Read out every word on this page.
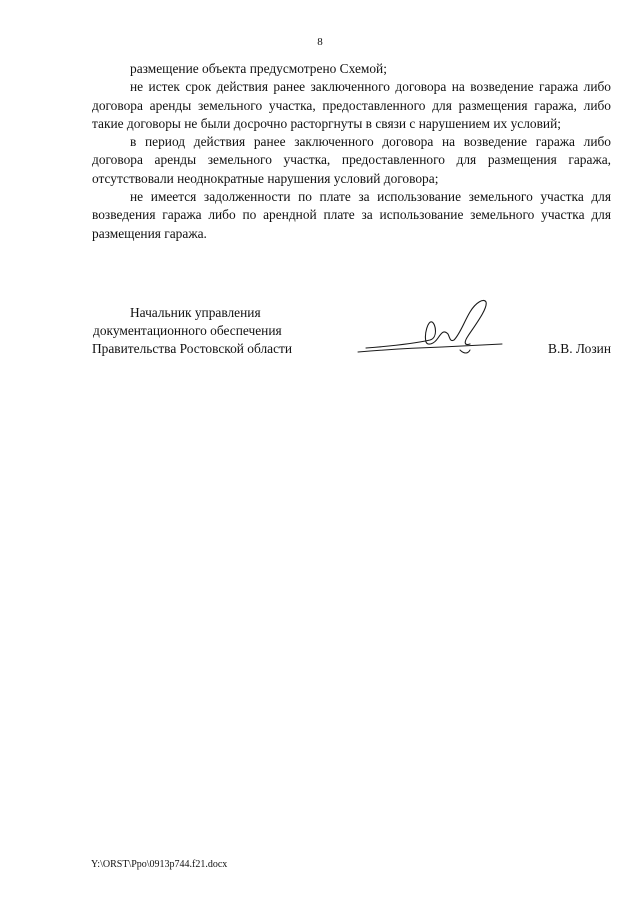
8

размещение объекта предусмотрено Схемой;

не истек срок действия ранее заключенного договора на возведение гаража либо договора аренды земельного участка, предоставленного для размещения гаража, либо такие договоры не были досрочно расторгнуты в связи с нарушением их условий;

в период действия ранее заключенного договора на возведение гаража либо договора аренды земельного участка, предоставленного для размещения гаража, отсутствовали неоднократные нарушения условий договора;

не имеется задолженности по плате за использование земельного участка для возведения гаража либо по арендной плате за использование земельного участка для размещения гаража.

Начальник управления
документационного обеспечения
Правительства Ростовской области	В.В. Лозин
Y:\ORST\Ppo\0913p744.f21.docx
